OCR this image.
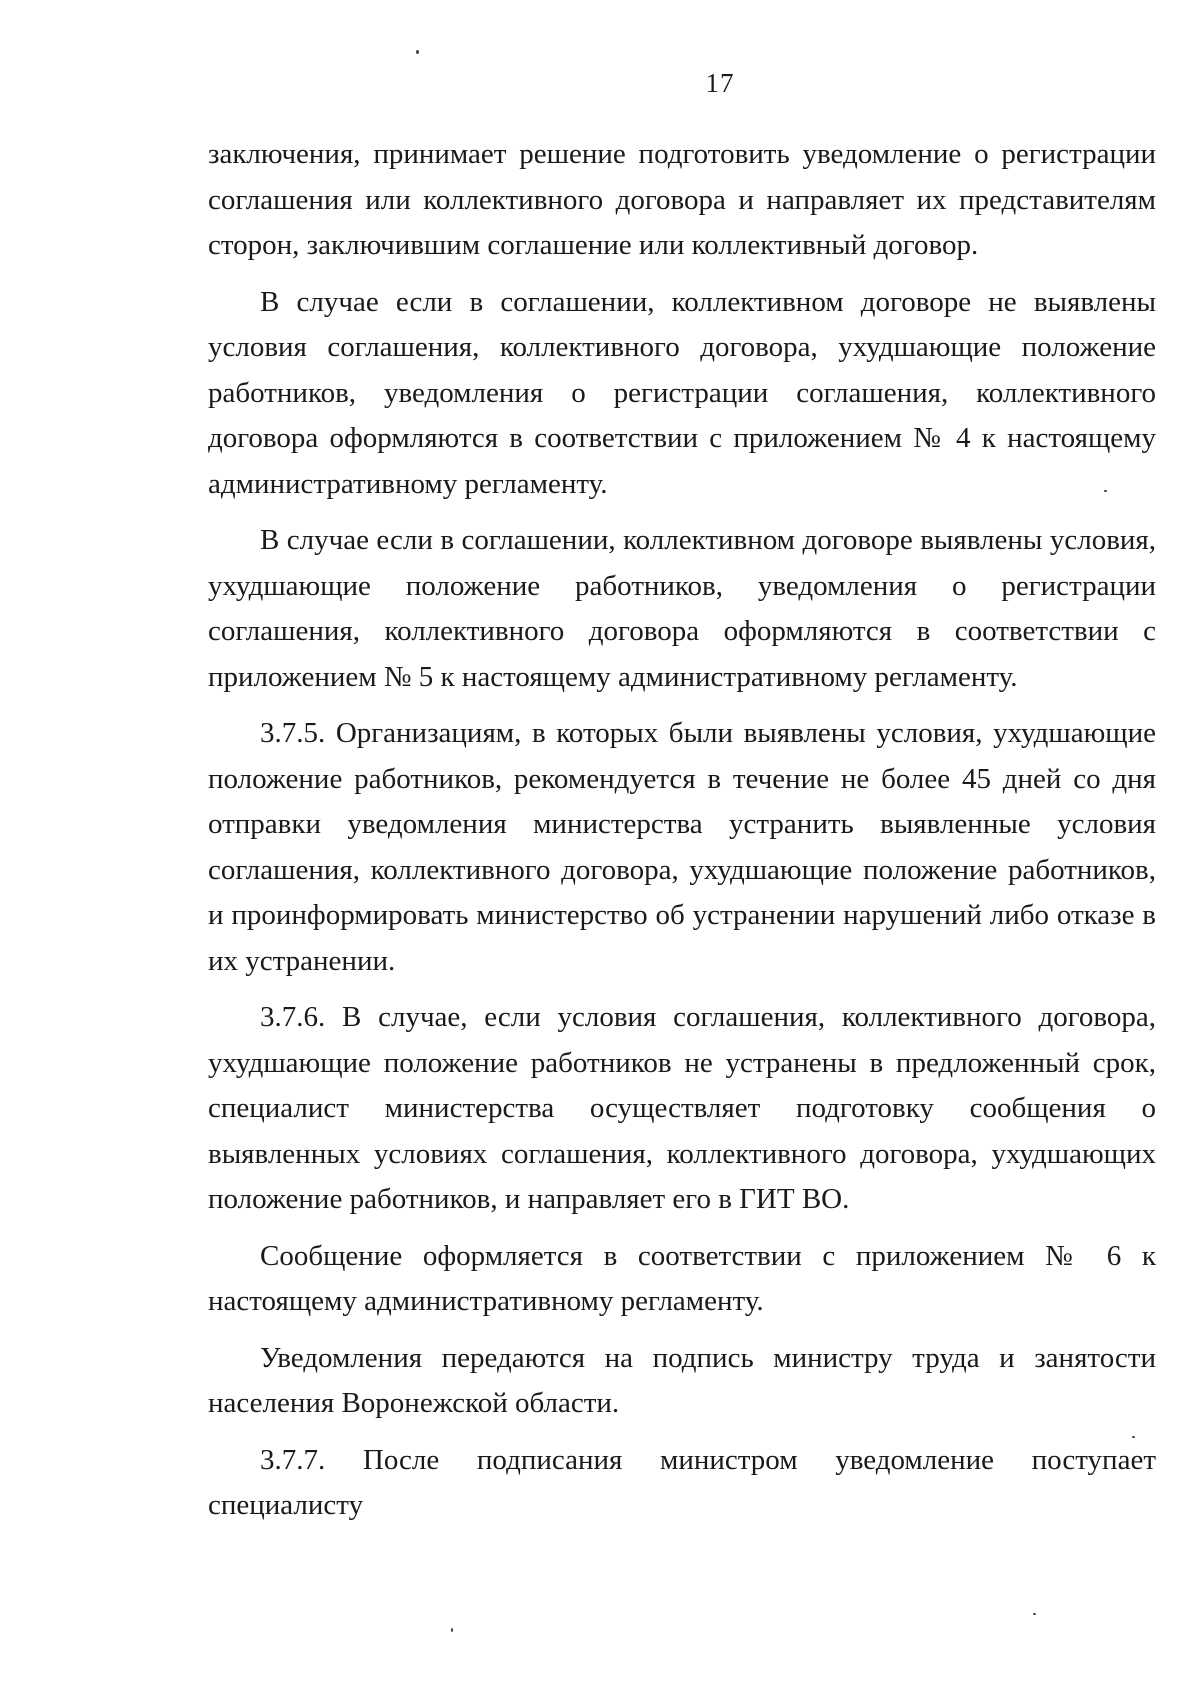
17

заключения, принимает решение подготовить уведомление о регистрации соглашения или коллективного договора и направляет их представителям сторон, заключившим соглашение или коллективный договор.

В случае если в соглашении, коллективном договоре не выявлены условия соглашения, коллективного договора, ухудшающие положение работников, уведомления о регистрации соглашения, коллективного договора оформляются в соответствии с приложением № 4 к настоящему административному регламенту.

В случае если в соглашении, коллективном договоре выявлены условия, ухудшающие положение работников, уведомления о регистрации соглашения, коллективного договора оформляются в соответствии с приложением № 5 к настоящему административному регламенту.

3.7.5. Организациям, в которых были выявлены условия, ухудшающие положение работников, рекомендуется в течение не более 45 дней со дня отправки уведомления министерства устранить выявленные условия соглашения, коллективного договора, ухудшающие положение работников, и проинформировать министерство об устранении нарушений либо отказе в их устранении.

3.7.6. В случае, если условия соглашения, коллективного договора, ухудшающие положение работников не устранены в предложенный срок, специалист министерства осуществляет подготовку сообщения о выявленных условиях соглашения, коллективного договора, ухудшающих положение работников, и направляет его в ГИТ ВО.

Сообщение оформляется в соответствии с приложением № 6 к настоящему административному регламенту.

Уведомления передаются на подпись министру труда и занятости населения Воронежской области.

3.7.7. После подписания министром уведомление поступает специалисту
